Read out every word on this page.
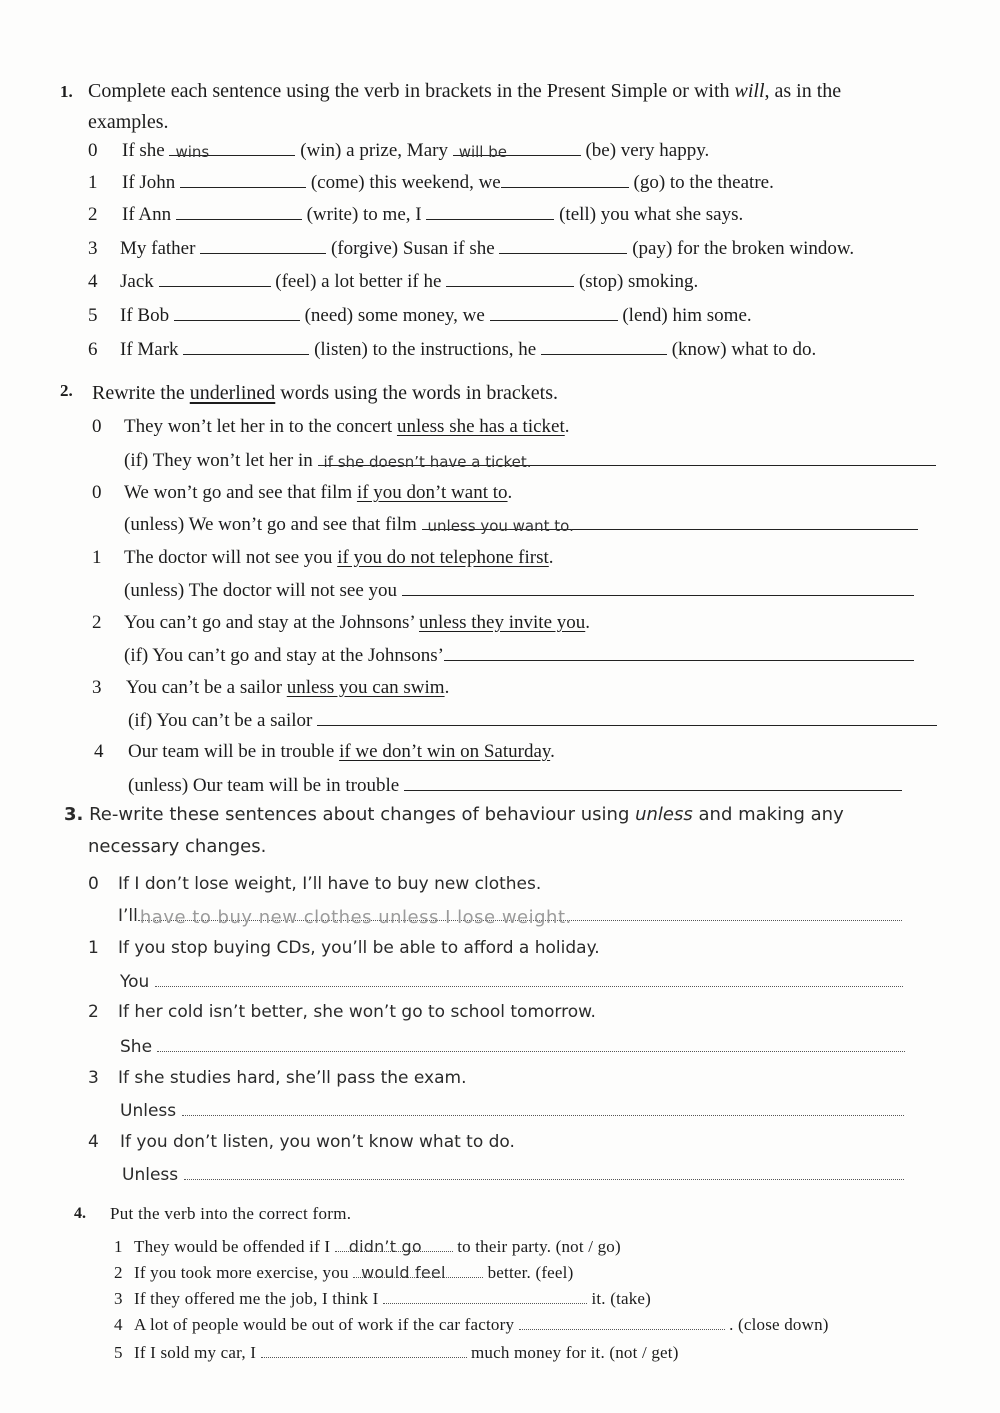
1. Complete each sentence using the verb in brackets in the Present Simple or with will, as in the
examples.
0 If she wins	(win) a prize, Mary will be	(be) very happy.
1 If John	(come) this weekend, we	(go) to the theatre.
2 If Ann	(write) to me, I	(tell) you what she says.
3 My father	(forgive) Susan if she	(pay) for the broken window.
4 Jack	(feel) a lot better if he	(stop) smoking.
5 If Bob	(need) some money, we	(lend) him some.
6 If Mark	(listen) to the instructions, he	(know) what to do.
2. Rewrite the underlined words using the words in brackets.
0 They won’t let her in to the concert unless she has a ticket.
(if) They won’t let her in if she doesn’t have a ticket.
0 We won’t go and see that film if you don’t want to.
(unless) We won’t go and see that film unless you want to.
1 The doctor will not see you if you do not telephone first.
(unless) The doctor will not see you
2 You can’t go and stay at the Johnsons’ unless they invite you.
(if) You can’t go and stay at the Johnsons’
3 You can’t be a sailor unless you can swim.
(if) You can’t be a sailor
4 Our team will be in trouble if we don’t win on Saturday.
(unless) Our team will be in trouble
3. Re-write these sentences about changes of behaviour using unless and making any
necessary changes.
0 If I don’t lose weight, I’ll have to buy new clothes.
I’ll have to buy new clothes unless I lose weight.
1 If you stop buying CDs, you’ll be able to afford a holiday.
You
2 If her cold isn’t better, she won’t go to school tomorrow.
She
3 If she studies hard, she’ll pass the exam.
Unless
4 If you don’t listen, you won’t know what to do.
Unless
4. Put the verb into the correct form.
1 They would be offended if I didn’t go to their party. (not / go)
2 If you took more exercise, you would feel better. (feel)
3 If they offered me the job, I think I	it. (take)
4 A lot of people would be out of work if the car factory	. (close down)
5 If I sold my car, I	much money for it. (not / get)
